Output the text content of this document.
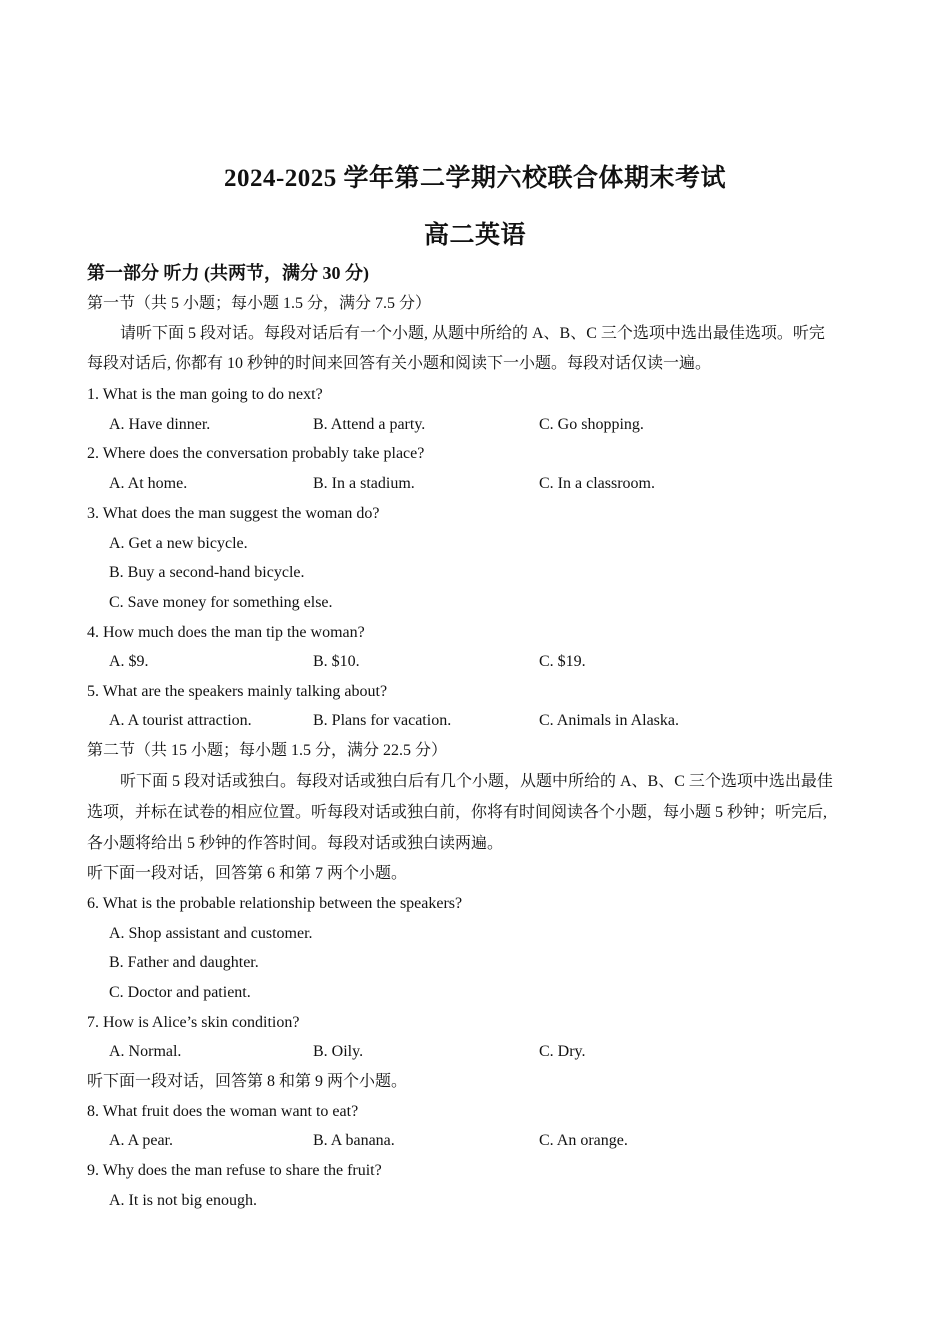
2024-2025 学年第二学期六校联合体期末考试
高二英语
第一部分 听力 (共两节，满分 30 分)
第一节（共 5 小题；每小题 1.5 分，满分 7.5 分）
请听下面 5 段对话。每段对话后有一个小题, 从题中所给的 A、B、C 三个选项中选出最佳选项。听完
每段对话后, 你都有 10 秒钟的时间来回答有关小题和阅读下一小题。每段对话仅读一遍。
1. What is the man going to do next?
A. Have dinner.	B. Attend a party.	C. Go shopping.
2. Where does the conversation probably take place?
A. At home.	B. In a stadium.	C. In a classroom.
3. What does the man suggest the woman do?
A. Get a new bicycle.
B. Buy a second-hand bicycle.
C. Save money for something else.
4. How much does the man tip the woman?
A. $9.	B. $10.	C. $19.
5. What are the speakers mainly talking about?
A. A tourist attraction.	B. Plans for vacation.	C. Animals in Alaska.
第二节（共 15 小题；每小题 1.5 分，满分 22.5 分）
听下面 5 段对话或独白。每段对话或独白后有几个小题，从题中所给的 A、B、C 三个选项中选出最佳
选项，并标在试卷的相应位置。听每段对话或独白前，你将有时间阅读各个小题，每小题 5 秒钟；听完后,
各小题将给出 5 秒钟的作答时间。每段对话或独白读两遍。
听下面一段对话，回答第 6 和第 7 两个小题。
6. What is the probable relationship between the speakers?
A. Shop assistant and customer.
B. Father and daughter.
C. Doctor and patient.
7. How is Alice’s skin condition?
A. Normal.	B. Oily.	C. Dry.
听下面一段对话，回答第 8 和第 9 两个小题。
8. What fruit does the woman want to eat?
A. A pear.	B. A banana.	C. An orange.
9. Why does the man refuse to share the fruit?
A. It is not big enough.
